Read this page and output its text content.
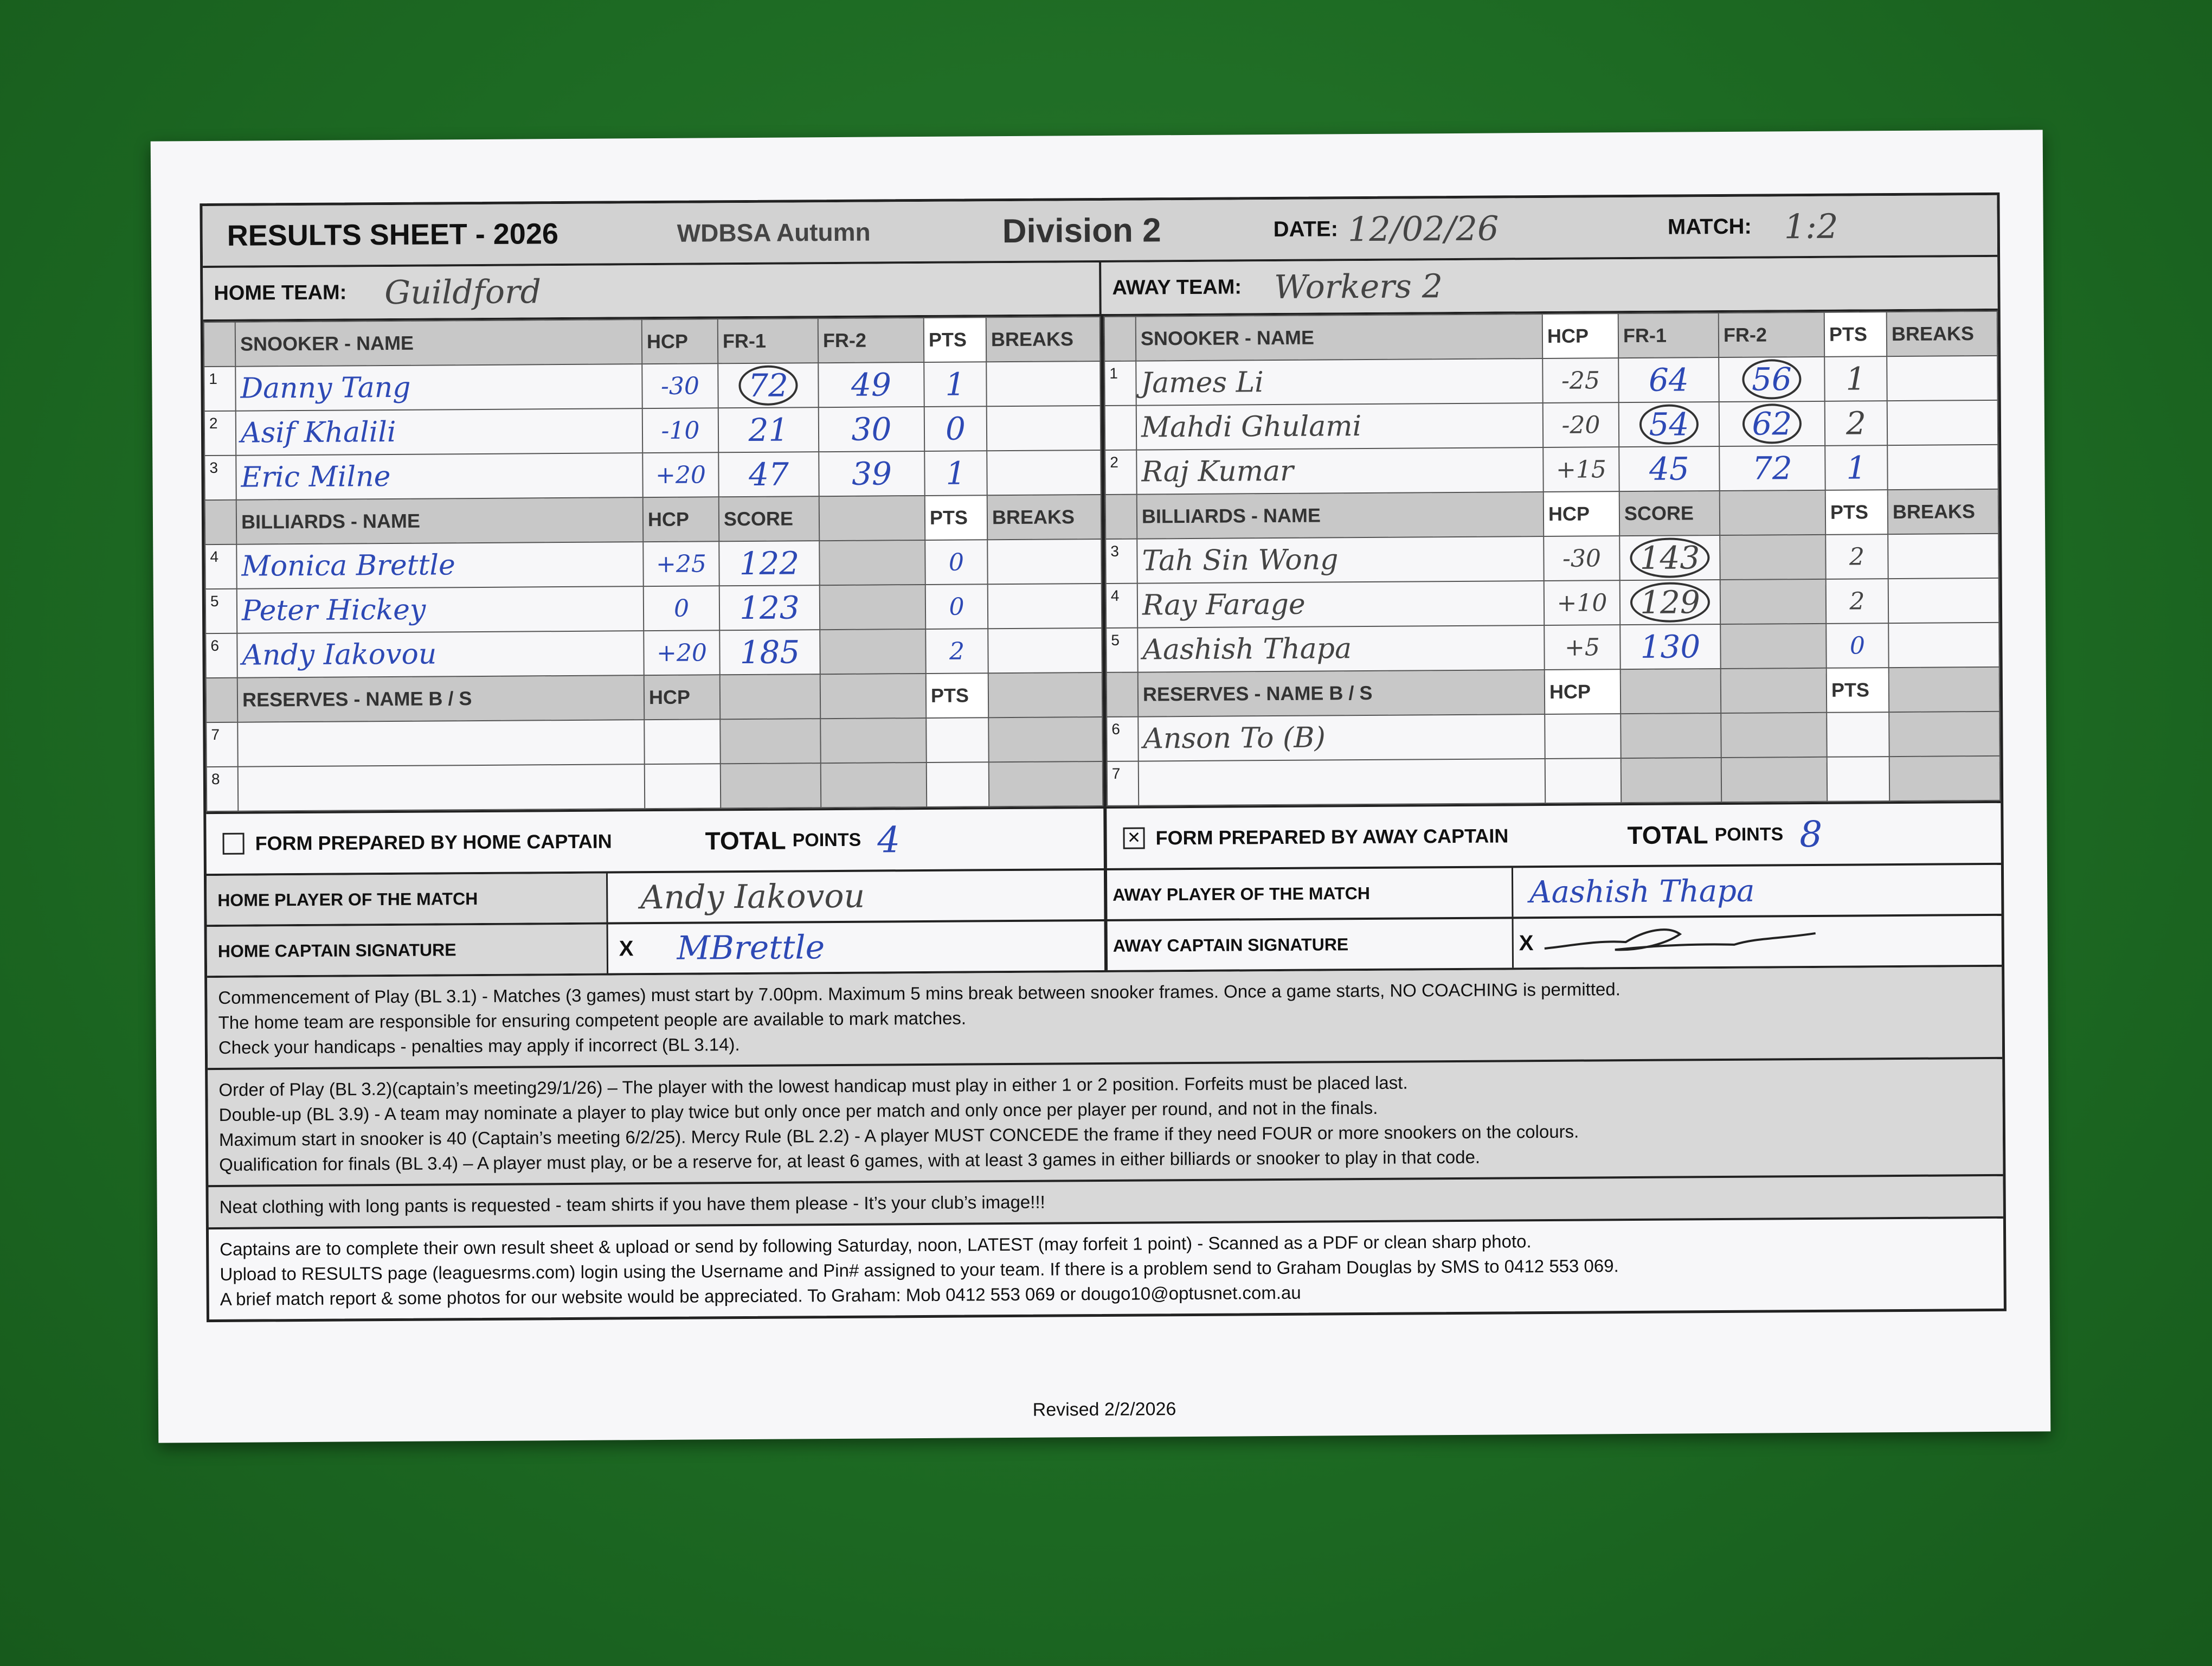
RESULTS SHEET - 2026	WDBSA Autumn	Division 2	DATE: 12/02/26	MATCH: 1:2
HOME TEAM: Guildford	AWAY TEAM: Workers 2
	SNOOKER - NAME	HCP	FR-1	FR-2	PTS	BREAKS
1	Danny Tang	-30	72	49	1	
2	Asif Khalili	-10	21	30	0	
3	Eric Milne	+20	47	39	1	
	BILLIARDS - NAME	HCP	SCORE		PTS	BREAKS
4	Monica Brettle	+25	122		0	
5	Peter Hickey	0	123		0	
6	Andy Iakovou	+20	185		2	
	RESERVES - NAME B / S	HCP			PTS	
7						
8						
	SNOOKER - NAME	HCP	FR-1	FR-2	PTS	BREAKS
1	James Li	-25	64	56	1	
	Mahdi Ghulami	-20	54	62	2	
2	Raj Kumar	+15	45	72	1	
	BILLIARDS - NAME	HCP	SCORE		PTS	BREAKS
3	Tah Sin Wong	-30	143		2	
4	Ray Farage	+10	129		2	
5	Aashish Thapa	+5	130		0	
	RESERVES - NAME B / S	HCP			PTS	
6	Anson To (B)					
7						
FORM PREPARED BY HOME CAPTAIN	TOTAL POINTS 4	✕ FORM PREPARED BY AWAY CAPTAIN	TOTAL POINTS 8
HOME PLAYER OF THE MATCH	Andy Iakovou	AWAY PLAYER OF THE MATCH	Aashish Thapa
HOME CAPTAIN SIGNATURE	X MBrettle	AWAY CAPTAIN SIGNATURE	X
Commencement of Play (BL 3.1) - Matches (3 games) must start by 7.00pm. Maximum 5 mins break between snooker frames. Once a game starts, NO COACHING is permitted.
The home team are responsible for ensuring competent people are available to mark matches.
Check your handicaps - penalties may apply if incorrect (BL 3.14).
Order of Play (BL 3.2)(captain’s meeting29/1/26) – The player with the lowest handicap must play in either 1 or 2 position. Forfeits must be placed last.
Double-up (BL 3.9) - A team may nominate a player to play twice but only once per match and only once per player per round, and not in the finals.
Maximum start in snooker is 40 (Captain’s meeting 6/2/25). Mercy Rule (BL 2.2) - A player MUST CONCEDE the frame if they need FOUR or more snookers on the colours.
Qualification for finals (BL 3.4) – A player must play, or be a reserve for, at least 6 games, with at least 3 games in either billiards or snooker to play in that code.
Neat clothing with long pants is requested - team shirts if you have them please - It’s your club’s image!!!
Captains are to complete their own result sheet & upload or send by following Saturday, noon, LATEST (may forfeit 1 point) - Scanned as a PDF or clean sharp photo.
Upload to RESULTS page (leaguesrms.com) login using the Username and Pin# assigned to your team. If there is a problem send to Graham Douglas by SMS to 0412 553 069.
A brief match report & some photos for our website would be appreciated. To Graham: Mob 0412 553 069 or dougo10@optusnet.com.au
Revised 2/2/2026
